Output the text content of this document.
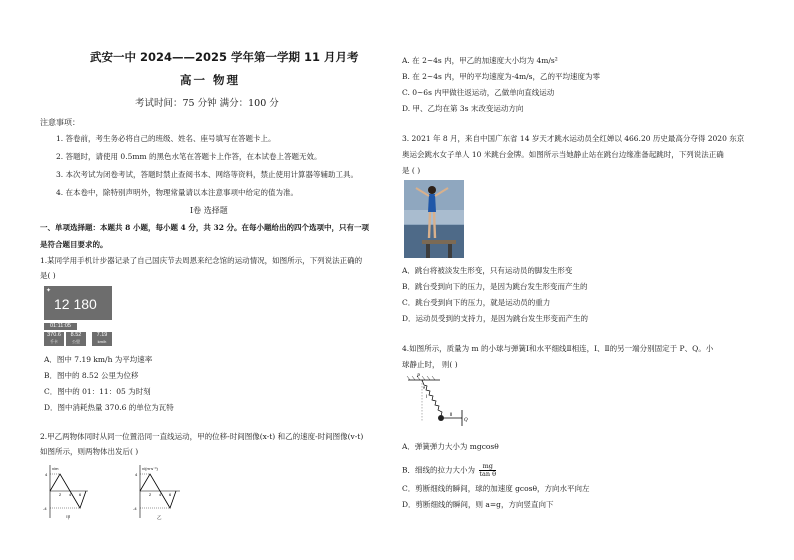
武安一中 2024——2025 学年第一学期 11 月月考
高一 物理
考试时间：75 分钟 满分：100 分
注意事项：
1. 答卷前，考生务必将自己的班级、姓名、座号填写在答题卡上。
2. 答题时，请使用 0.5mm 的黑色水笔在答题卡上作答，在本试卷上答题无效。
3. 本次考试为闭卷考试，答题时禁止查阅书本、网络等资料，禁止使用计算器等辅助工具。
4. 在本卷中，除特别声明外，物理常量请以本注意事项中给定的值为准。
Ⅰ卷 选择题
一、单项选择题：本题共 8 小题，每小题 4 分，共 32 分。在每小题给出的四个选项中，只有一项
是符合题目要求的。
1.某同学用手机计步器记录了自己国庆节去周恩来纪念馆的运动情况，如图所示，下列说法正确的
是( )
✦
12 180
01:11:05
370.6
千卡
8.52
公里
7.19
km/h
A．图中 7.19 km/h 为平均速率
B．图中的 8.52 公里为位移
C．图中的 01：11：05 为时刻
D．图中消耗热量 370.6 的单位为瓦特
2.甲乙两物体同时从同一位置沿同一直线运动，甲的位移-时间图像(x-t) 和乙的速度-时间图像(v-t)
如图所示，则两物体出发后( )
x/m
4
-4
2 4 6
甲
v/(m·s⁻¹)
4
-4
2 4 6
乙
A. 在 2~4s 内，甲乙的加速度大小均为 4m/s²
B. 在 2~4s 内，甲的平均速度为-4m/s，乙的平均速度为零
C. 0~6s 内甲做往返运动，乙做单向直线运动
D. 甲、乙均在第 3s 末改变运动方向
3. 2021 年 8 月，来自中国广东省 14 岁天才跳水运动员全红婵以 466.20 历史最高分夺得 2020 东京
奥运会跳水女子单人 10 米跳台金牌。如图所示当她静止站在跳台边缘准备起跳时，下列说法正确
是 ( )
A．跳台将被淡发生形变，只有运动员的脚发生形变
B．跳台受到向下的压力，是因为跳台发生形变而产生的
C．跳台受到向下的压力，就是运动员的重力
D．运动员受到的支持力，是因为跳台发生形变而产生的
4.如图所示，质量为 m 的小球与弹簧Ⅰ和水平细线Ⅱ相连，Ⅰ、Ⅱ的另一端分别固定于 P、Q。小
球静止时， 则( )
P
Q
Ⅰ
Ⅱ
θ
A．弹簧弹力大小为 mgcosθ
B．细线的拉力大小为 $\frac{mg}{\text{tan θ}}$
C．剪断细线的瞬间，球的加速度 gcosθ，方向水平向左
D．剪断细线的瞬间，则 a=g，方向竖直向下
